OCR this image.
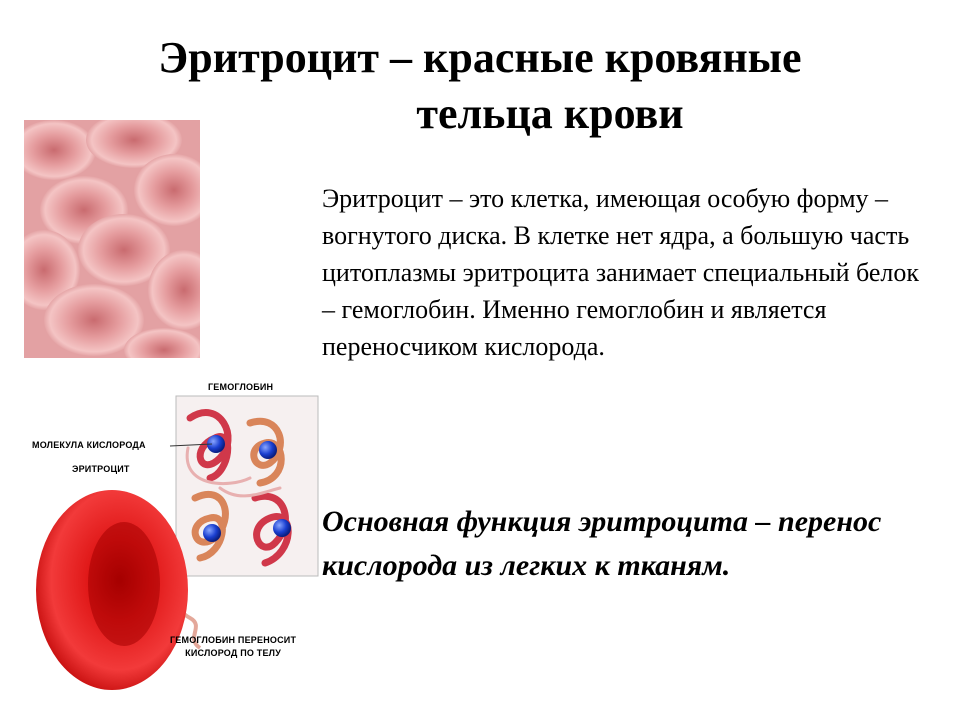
Эритроцит – красные кровяные
тельца крови

Эритроцит – это клетка, имеющая особую форму – вогнутого диска. В клетке нет ядра, а большую часть цитоплазмы эритроцита занимает специальный белок – гемоглобин. Именно гемоглобин и является переносчиком кислорода.

Основная функция эритроцита – перенос кислорода из легких к тканям.

ГЕМОГЛОБИН
МОЛЕКУЛА КИСЛОРОДА
ЭРИТРОЦИТ
ГЕМОГЛОБИН ПЕРЕНОСИТ
КИСЛОРОД ПО ТЕЛУ
